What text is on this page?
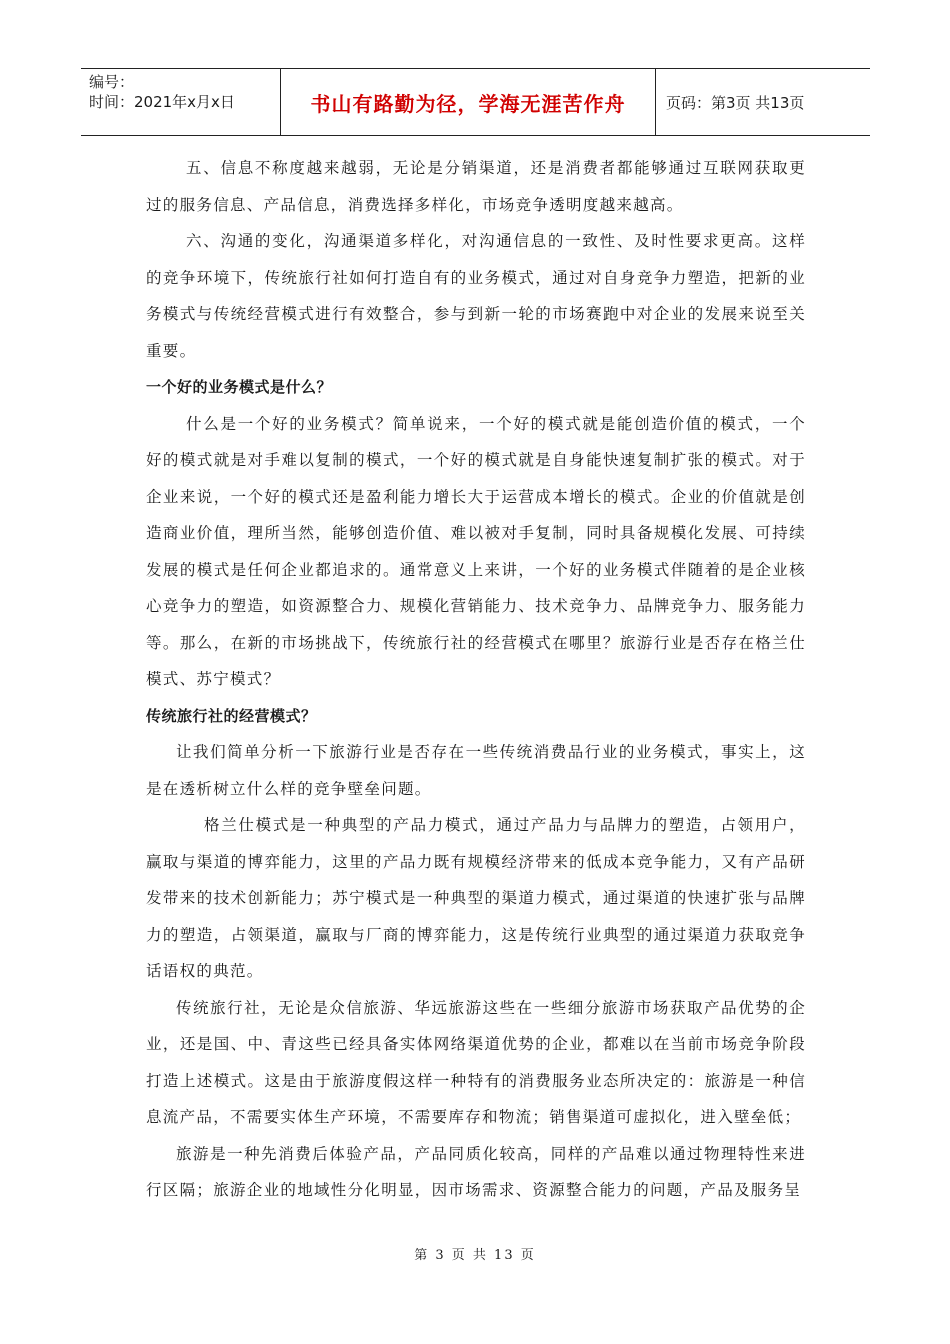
编号：
时间：2021年x月x日	书山有路勤为径，学海无涯苦作舟	页码：第3页 共13页

五、信息不称度越来越弱，无论是分销渠道，还是消费者都能够通过互联网获取更过的服务信息、产品信息，消费选择多样化，市场竞争透明度越来越高。

六、沟通的变化，沟通渠道多样化，对沟通信息的一致性、及时性要求更高。这样的竞争环境下，传统旅行社如何打造自有的业务模式，通过对自身竞争力塑造，把新的业务模式与传统经营模式进行有效整合，参与到新一轮的市场赛跑中对企业的发展来说至关重要。

一个好的业务模式是什么？

什么是一个好的业务模式？简单说来，一个好的模式就是能创造价值的模式，一个好的模式就是对手难以复制的模式，一个好的模式就是自身能快速复制扩张的模式。对于企业来说，一个好的模式还是盈利能力增长大于运营成本增长的模式。企业的价值就是创造商业价值，理所当然，能够创造价值、难以被对手复制，同时具备规模化发展、可持续发展的模式是任何企业都追求的。通常意义上来讲，一个好的业务模式伴随着的是企业核心竞争力的塑造，如资源整合力、规模化营销能力、技术竞争力、品牌竞争力、服务能力等。那么，在新的市场挑战下，传统旅行社的经营模式在哪里？旅游行业是否存在格兰仕模式、苏宁模式？

传统旅行社的经营模式？

让我们简单分析一下旅游行业是否存在一些传统消费品行业的业务模式，事实上，这是在透析树立什么样的竞争壁垒问题。

格兰仕模式是一种典型的产品力模式，通过产品力与品牌力的塑造，占领用户，赢取与渠道的博弈能力，这里的产品力既有规模经济带来的低成本竞争能力，又有产品研发带来的技术创新能力；苏宁模式是一种典型的渠道力模式，通过渠道的快速扩张与品牌力的塑造，占领渠道，赢取与厂商的博弈能力，这是传统行业典型的通过渠道力获取竞争话语权的典范。

传统旅行社，无论是众信旅游、华远旅游这些在一些细分旅游市场获取产品优势的企业，还是国、中、青这些已经具备实体网络渠道优势的企业，都难以在当前市场竞争阶段打造上述模式。这是由于旅游度假这样一种特有的消费服务业态所决定的：旅游是一种信息流产品，不需要实体生产环境，不需要库存和物流；销售渠道可虚拟化，进入壁垒低；

旅游是一种先消费后体验产品，产品同质化较高，同样的产品难以通过物理特性来进行区隔；旅游企业的地域性分化明显，因市场需求、资源整合能力的问题，产品及服务呈

第 3 页 共 13 页
